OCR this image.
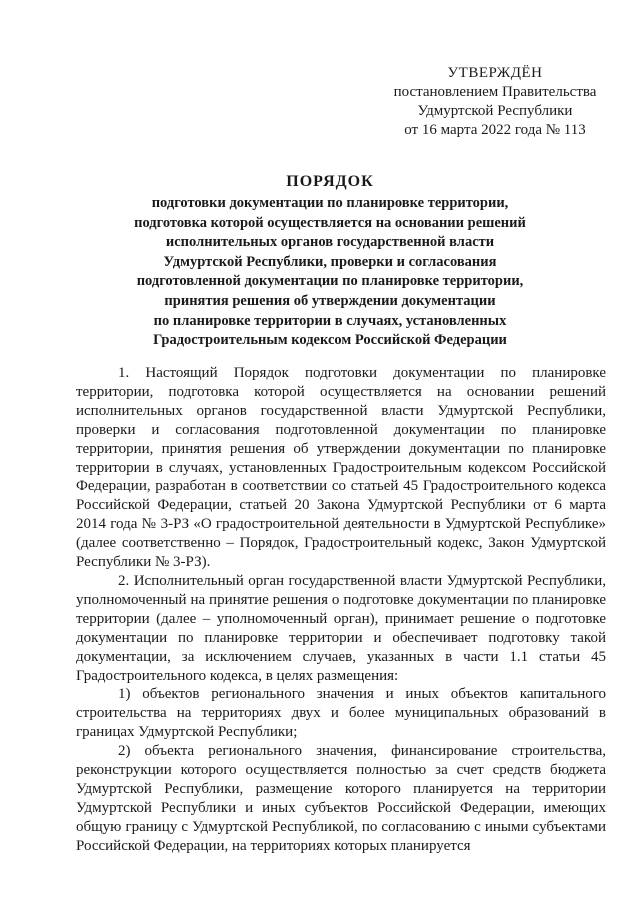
УТВЕРЖДЁН
постановлением Правительства
Удмуртской Республики
от 16 марта 2022 года № 113
ПОРЯДОК
подготовки документации по планировке территории,
подготовка которой осуществляется на основании решений
исполнительных органов государственной власти
Удмуртской Республики, проверки и согласования
подготовленной документации по планировке территории,
принятия решения об утверждении документации
по планировке территории в случаях, установленных
Градостроительным кодексом Российской Федерации

1. Настоящий Порядок подготовки документации по планировке территории, подготовка которой осуществляется на основании решений исполнительных органов государственной власти Удмуртской Республики, проверки и согласования подготовленной документации по планировке территории, принятия решения об утверждении документации по планировке территории в случаях, установленных Градостроительным кодексом Российской Федерации, разработан в соответствии со статьей 45 Градостроительного кодекса Российской Федерации, статьей 20 Закона Удмуртской Республики от 6 марта 2014 года № 3-РЗ «О градостроительной деятельности в Удмуртской Республике» (далее соответственно – Порядок, Градостроительный кодекс, Закон Удмуртской Республики № 3-РЗ).

2. Исполнительный орган государственной власти Удмуртской Республики, уполномоченный на принятие решения о подготовке документации по планировке территории (далее – уполномоченный орган), принимает решение о подготовке документации по планировке территории и обеспечивает подготовку такой документации, за исключением случаев, указанных в части 1.1 статьи 45 Градостроительного кодекса, в целях размещения:

1) объектов регионального значения и иных объектов капитального строительства на территориях двух и более муниципальных образований в границах Удмуртской Республики;

2) объекта регионального значения, финансирование строительства, реконструкции которого осуществляется полностью за счет средств бюджета Удмуртской Республики, размещение которого планируется на территории Удмуртской Республики и иных субъектов Российской Федерации, имеющих общую границу с Удмуртской Республикой, по согласованию с иными субъектами Российской Федерации, на территориях которых планируется
